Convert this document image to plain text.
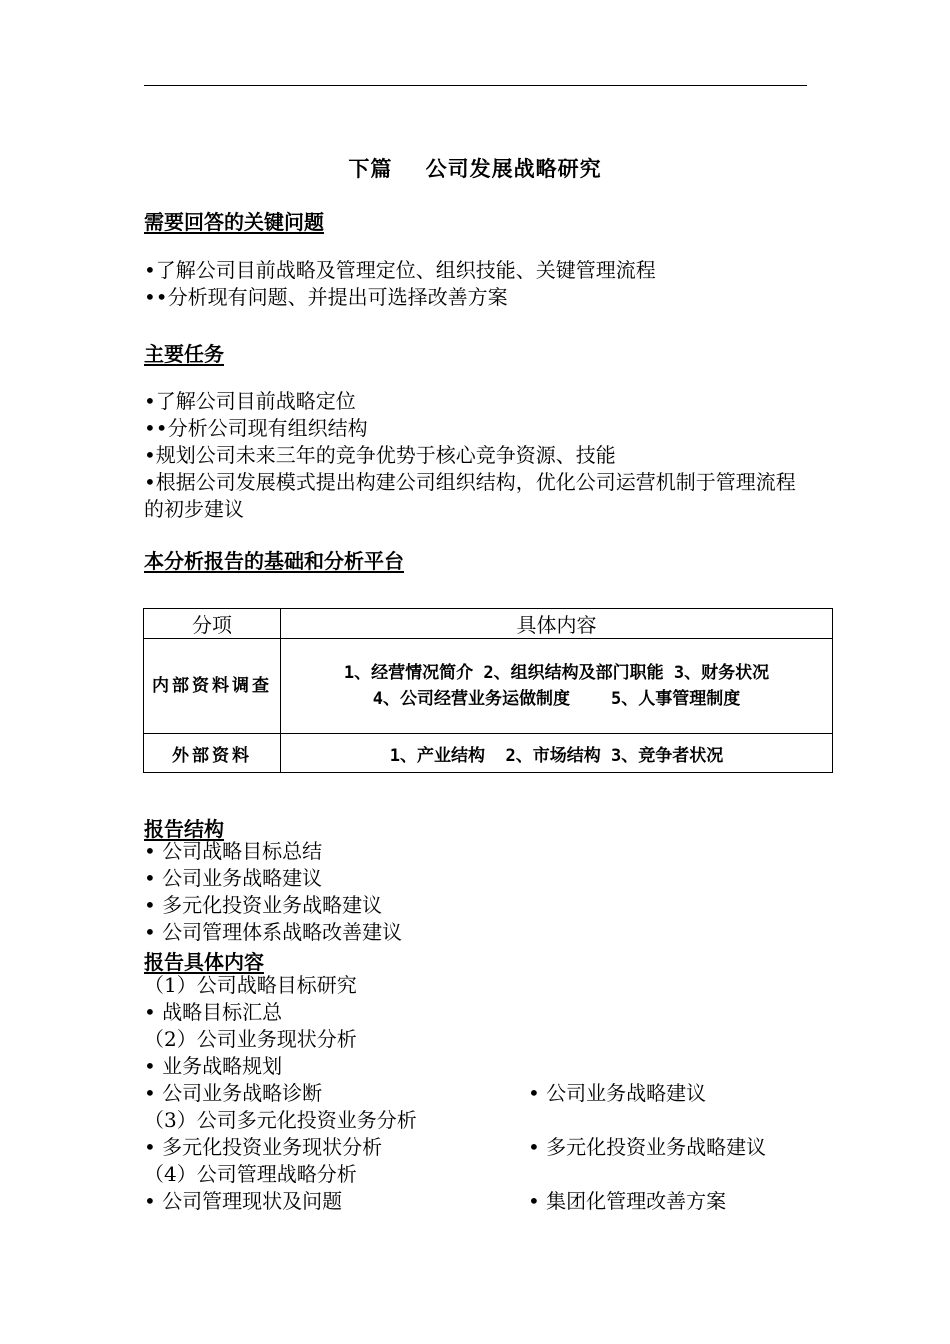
下篇    公司发展战略研究
需要回答的关键问题
•了解公司目前战略及管理定位、组织技能、关键管理流程
••分析现有问题、并提出可选择改善方案
主要任务
•了解公司目前战略定位
••分析公司现有组织结构
•规划公司未来三年的竞争优势于核心竞争资源、技能
•根据公司发展模式提出构建公司组织结构，优化公司运营机制于管理流程的初步建议
本分析报告的基础和分析平台
分项	具体内容
内部资料调查	1、经营情况简介 2、组织结构及部门职能 3、财务状况
4、公司经营业务运做制度    5、人事管理制度

外部资料	1、产业结构  2、市场结构 3、竞争者状况
报告结构
• 公司战略目标总结
• 公司业务战略建议
• 多元化投资业务战略建议
• 公司管理体系战略改善建议
报告具体内容
（1）公司战略目标研究
• 战略目标汇总
（2）公司业务现状分析
• 业务战略规划
• 公司业务战略诊断	• 公司业务战略建议
（3）公司多元化投资业务分析
• 多元化投资业务现状分析	• 多元化投资业务战略建议
（4）公司管理战略分析
• 公司管理现状及问题	• 集团化管理改善方案
